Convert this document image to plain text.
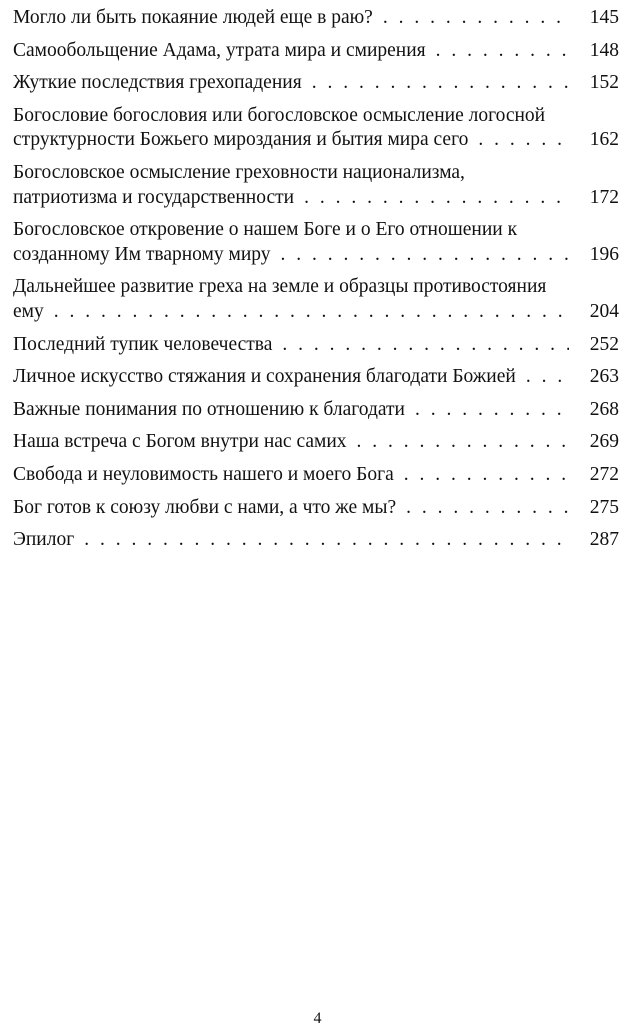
Могло ли быть покаяние людей еще в раю? . . .	145
Самообольщение Адама, утрата мира и смирения . . .	148
Жуткие последствия грехопадения . . .	152
Богословие богословия или богословское осмысление логосной структурности Божьего мироздания и бытия мира сего . . .	162
Богословское осмысление греховности национализма, патриотизма и государственности . . .	172
Богословское откровение о нашем Боге и о Его отношении к созданному Им тварному миру . . .	196
Дальнейшее развитие греха на земле и образцы противостояния ему . . .	204
Последний тупик человечества . . .	252
Личное искусство стяжания и сохранения благодати Божией . . .	263
Важные понимания по отношению к благодати . . .	268
Наша встреча с Богом внутри нас самих . . .	269
Свобода и неуловимость нашего и моего Бога . . .	272
Бог готов к союзу любви с нами, а что же мы? . . .	275
Эпилог . . .	287
4
